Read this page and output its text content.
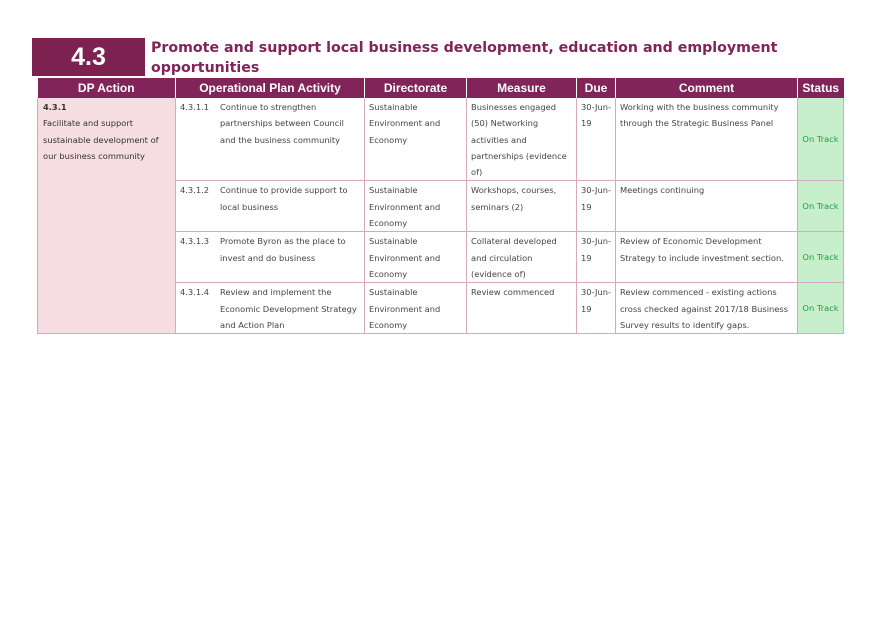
4.3	Promote and support local business development, education and employment opportunities
DP Action	Operational Plan Activity	Directorate	Measure	Due	Comment	Status

4.3.1
Facilitate and support sustainable development of our business community	4.3.1.1 Continue to strengthen partnerships between Council and the business community	Sustainable Environment and Economy	Businesses engaged (50) Networking activities and partnerships (evidence of)	30-Jun-19	Working with the business community through the Strategic Business Panel	On Track

	4.3.1.2 Continue to provide support to local business	Sustainable Environment and Economy	Workshops, courses, seminars (2)	30-Jun-19	Meetings continuing	On Track

	4.3.1.3 Promote Byron as the place to invest and do business	Sustainable Environment and Economy	Collateral developed and circulation (evidence of)	30-Jun-19	Review of Economic Development Strategy to include investment section.	On Track

	4.3.1.4 Review and implement the Economic Development Strategy and Action Plan	Sustainable Environment and Economy	Review commenced	30-Jun-19	Review commenced - existing actions cross checked against 2017/18 Business Survey results to identify gaps.	On Track
